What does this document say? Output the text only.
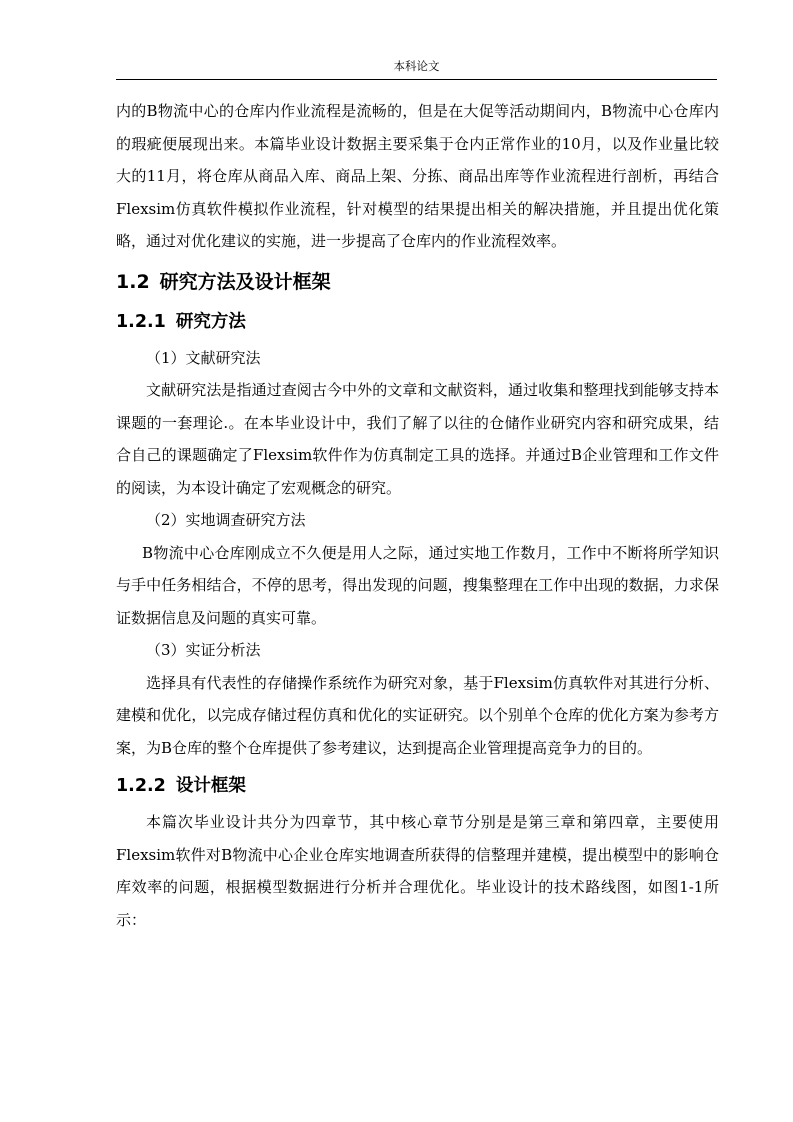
本科论文

内的B物流中心的仓库内作业流程是流畅的，但是在大促等活动期间内，B物流中心仓库内的瑕疵便展现出来。本篇毕业设计数据主要采集于仓内正常作业的10月，以及作业量比较大的11月，将仓库从商品入库、商品上架、分拣、商品出库等作业流程进行剖析，再结合Flexsim仿真软件模拟作业流程，针对模型的结果提出相关的解决措施，并且提出优化策略，通过对优化建议的实施，进一步提高了仓库内的作业流程效率。

1.2 研究方法及设计框架
1.2.1 研究方法

（1）文献研究法

文献研究法是指通过查阅古今中外的文章和文献资料，通过收集和整理找到能够支持本课题的一套理论.。在本毕业设计中，我们了解了以往的仓储作业研究内容和研究成果，结合自己的课题确定了Flexsim软件作为仿真制定工具的选择。并通过B企业管理和工作文件的阅读，为本设计确定了宏观概念的研究。

（2）实地调查研究方法

B物流中心仓库刚成立不久便是用人之际，通过实地工作数月，工作中不断将所学知识与手中任务相结合，不停的思考，得出发现的问题，搜集整理在工作中出现的数据，力求保证数据信息及问题的真实可靠。

（3）实证分析法

选择具有代表性的存储操作系统作为研究对象，基于Flexsim仿真软件对其进行分析、建模和优化，以完成存储过程仿真和优化的实证研究。以个别单个仓库的优化方案为参考方案，为B仓库的整个仓库提供了参考建议，达到提高企业管理提高竞争力的目的。

1.2.2 设计框架

本篇次毕业设计共分为四章节，其中核心章节分别是是第三章和第四章，主要使用Flexsim软件对B物流中心企业仓库实地调查所获得的信整理并建模，提出模型中的影响仓库效率的问题，根据模型数据进行分析并合理优化。毕业设计的技术路线图，如图1-1所示：
